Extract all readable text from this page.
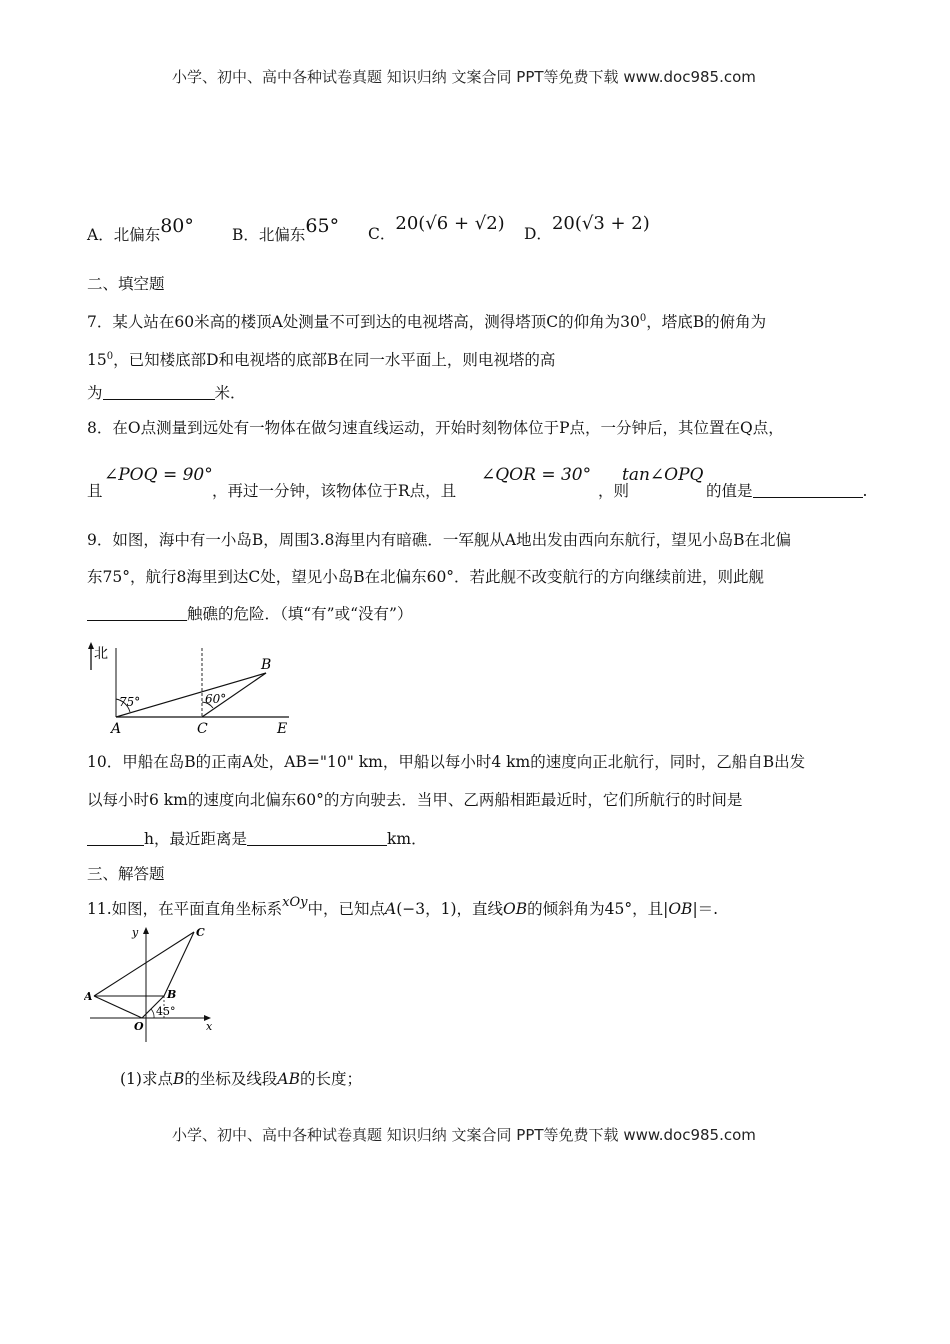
小学、初中、高中各种试卷真题 知识归纳 文案合同 PPT等免费下载 www.doc985.com
A．北偏东80° B．北偏东65° C．20(√6 + √2) D．20(√3 + 2)
二、填空题
7．某人站在60米高的楼顶A处测量不可到达的电视塔高，测得塔顶C的仰角为$30^0$，塔底B的俯角为
$15^0$，已知楼底部D和电视塔的底部B在同一水平面上，则电视塔的高
为	米．
8．在O点测量到远处有一物体在做匀速直线运动，开始时刻物体位于P点，一分钟后，其位置在Q点，
且
∠POQ = 90°
，再过一分钟，该物体位于R点，且
∠QOR = 30°
，则
tan∠OPQ
的值是	.
9．如图，海中有一小岛B，周围3.8海里内有暗礁．一军舰从A地出发由西向东航行，望见小岛B在北偏
东75°，航行8海里到达C处，望见小岛B在北偏东60°．若此舰不改变航行的方向继续前进，则此舰
触礁的危险．（填“有”或“没有”）
北
75°	60°
B
A	C	E
10．甲船在岛B的正南A处，AB="10" km，甲船以每小时4 km的速度向正北航行，同时，乙船自B出发
以每小时6 km的速度向北偏东60°的方向驶去．当甲、乙两船相距最近时，它们所航行的时间是
h，最近距离是	km．
三、解答题
11.如图，在平面直角坐标系$^{xOy}$中，已知点A(−3，1)，直线OB的倾斜角为45°，且|OB|＝.
y
x
45°
A	B
C
O
(1)求点B的坐标及线段AB的长度；
小学、初中、高中各种试卷真题 知识归纳 文案合同 PPT等免费下载 www.doc985.com
